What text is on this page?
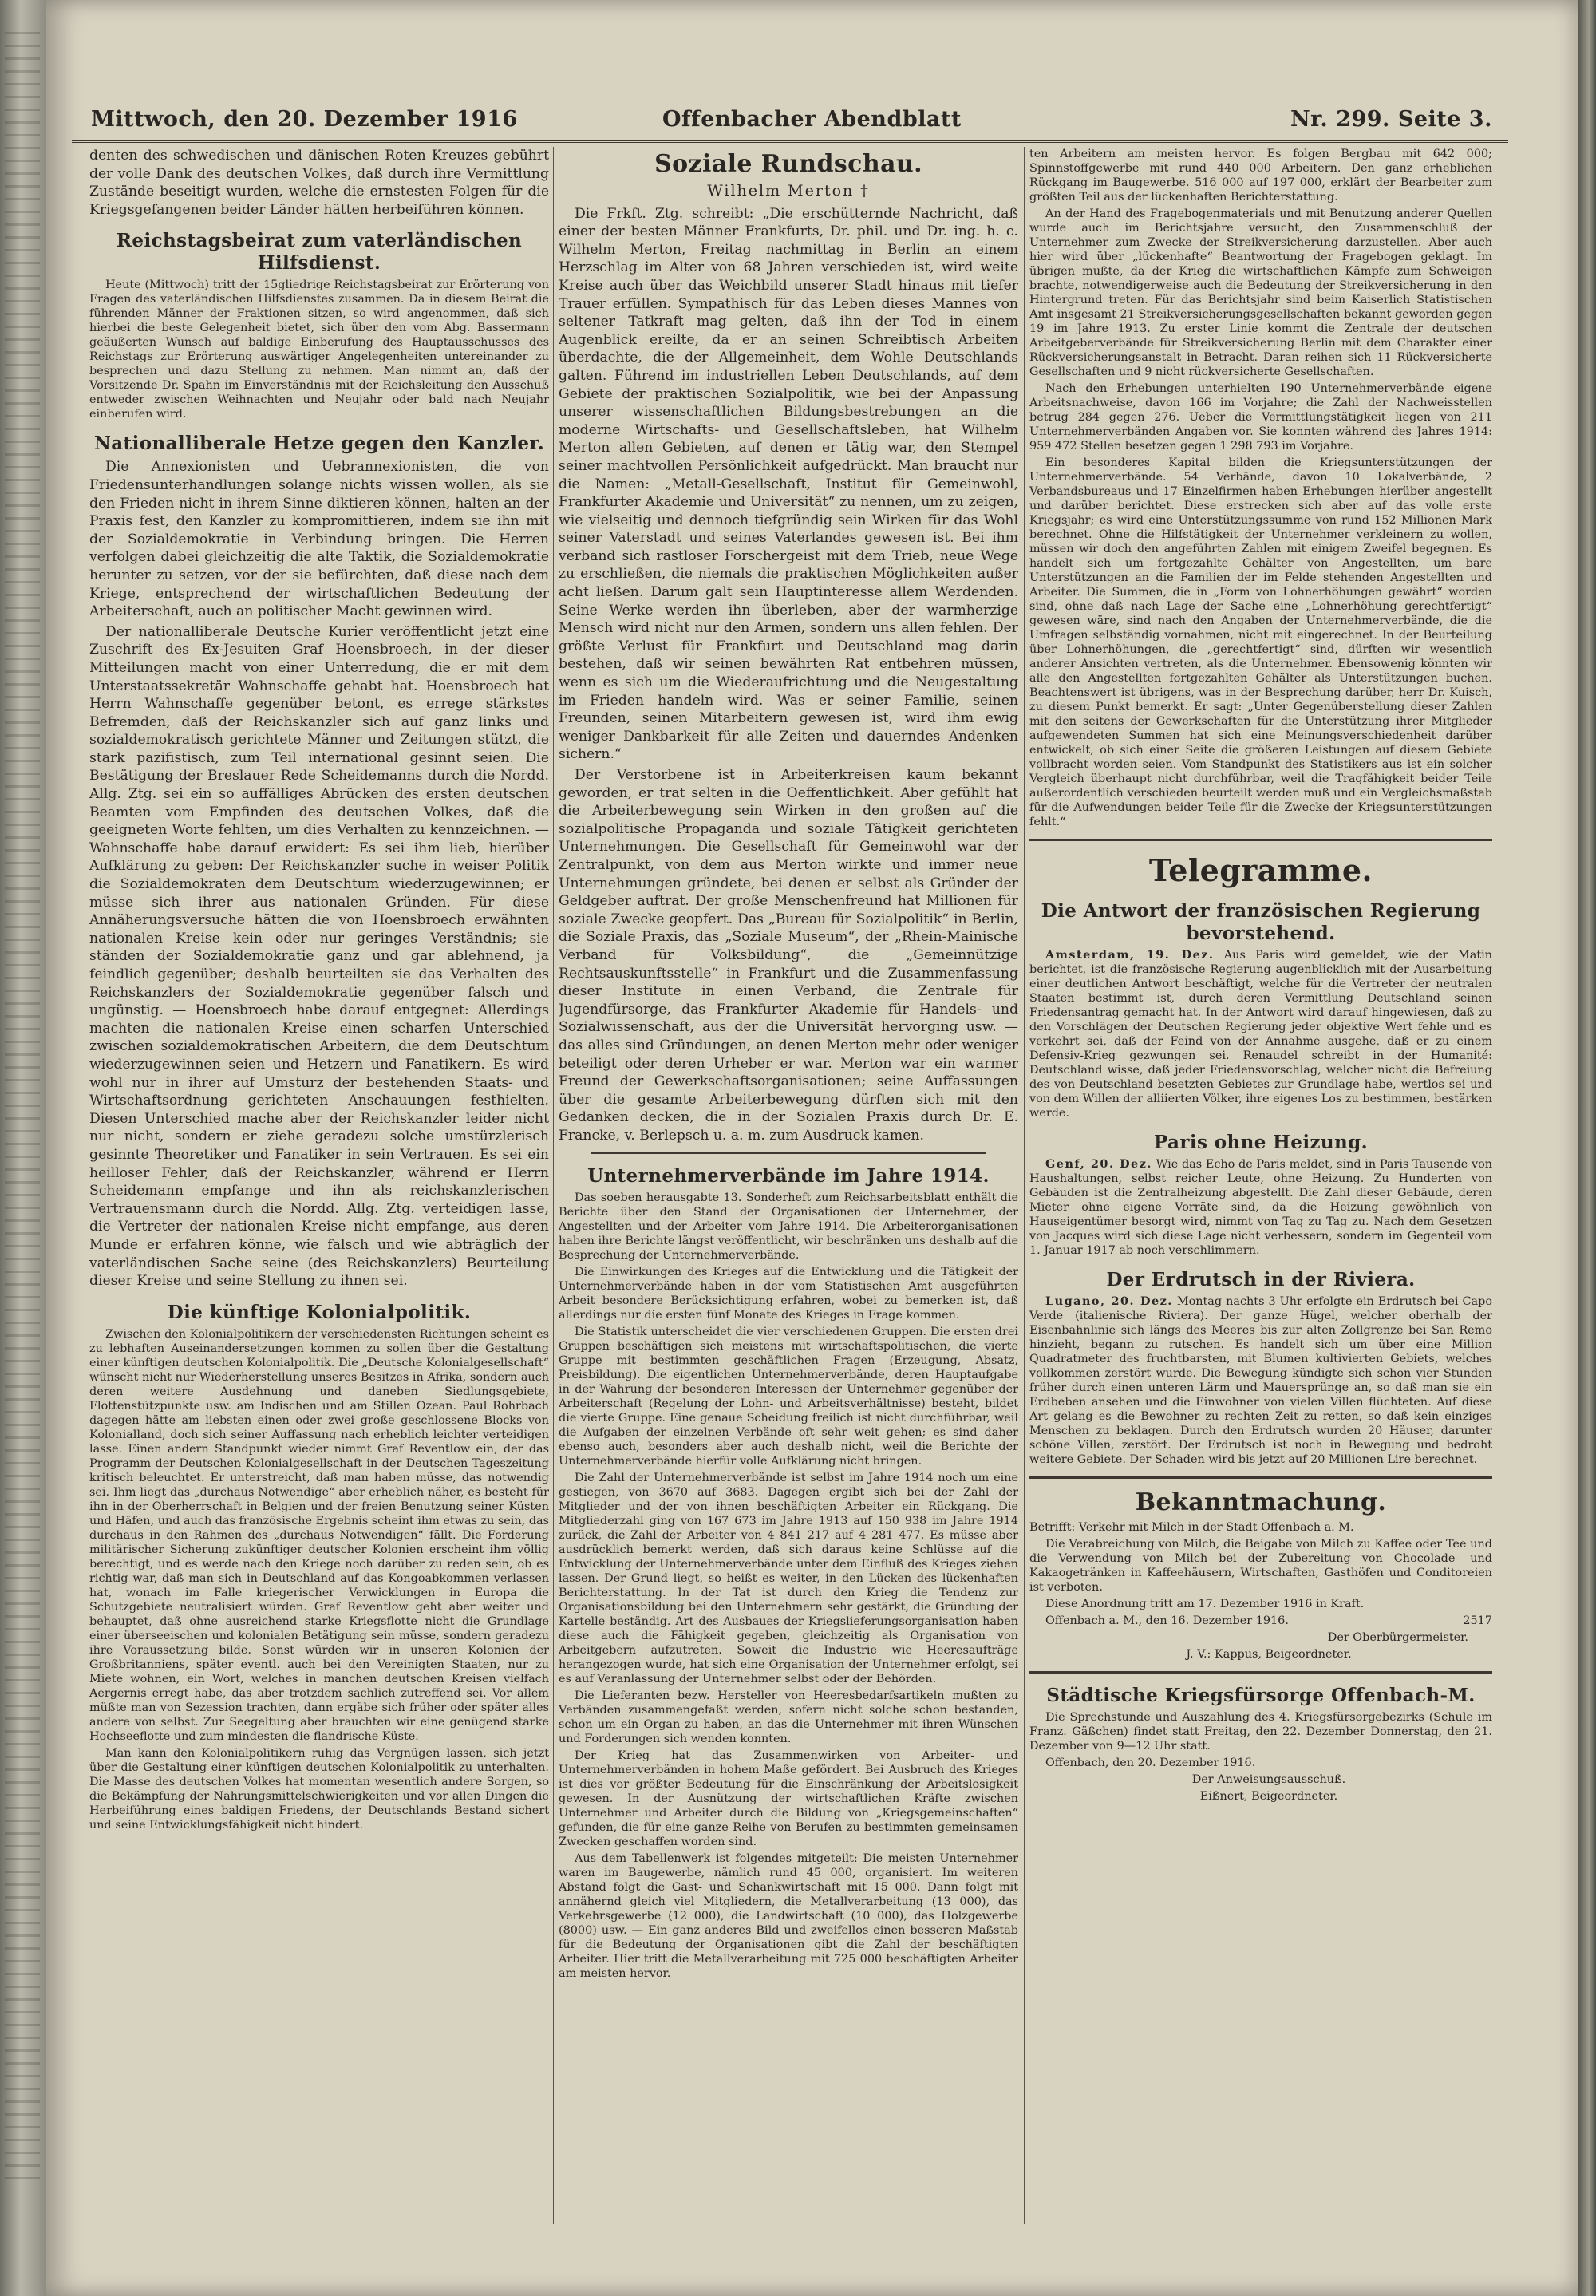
Mittwoch, den 20. Dezember 1916	Offenbacher Abendblatt	Nr. 299. Seite 3.

denten des schwedischen und dänischen Roten Kreuzes gebührt der volle Dank des deutschen Volkes, daß durch ihre Vermittlung Zustände beseitigt wurden, welche die ernstesten Folgen für die Kriegsgefangenen beider Länder hätten herbeiführen können.

Reichstagsbeirat zum vaterländischen Hilfsdienst.

Heute (Mittwoch) tritt der 15gliedrige Reichstagsbeirat zur Erörterung von Fragen des vaterländischen Hilfsdienstes zusammen. Da in diesem Beirat die führenden Männer der Fraktionen sitzen, so wird angenommen, daß sich hierbei die beste Gelegenheit bietet, sich über den vom Abg. Bassermann geäußerten Wunsch auf baldige Einberufung des Hauptausschusses des Reichstags zur Erörterung auswärtiger Angelegenheiten untereinander zu besprechen und dazu Stellung zu nehmen. Man nimmt an, daß der Vorsitzende Dr. Spahn im Einverständnis mit der Reichsleitung den Ausschuß entweder zwischen Weihnachten und Neujahr oder bald nach Neujahr einberufen wird.

Nationalliberale Hetze gegen den Kanzler.

Die Annexionisten und Uebrannexionisten, die von Friedensunterhandlungen solange nichts wissen wollen, als sie den Frieden nicht in ihrem Sinne diktieren können, halten an der Praxis fest, den Kanzler zu kompromittieren, indem sie ihn mit der Sozialdemokratie in Verbindung bringen. Die Herren verfolgen dabei gleichzeitig die alte Taktik, die Sozialdemokratie herunter zu setzen, vor der sie befürchten, daß diese nach dem Kriege, entsprechend der wirtschaftlichen Bedeutung der Arbeiterschaft, auch an politischer Macht gewinnen wird.

Der nationalliberale Deutsche Kurier veröffentlicht jetzt eine Zuschrift des Ex-Jesuiten Graf Hoensbroech, in der dieser Mitteilungen macht von einer Unterredung, die er mit dem Unterstaatssekretär Wahnschaffe gehabt hat. Hoensbroech hat Herrn Wahnschaffe gegenüber betont, es errege stärkstes Befremden, daß der Reichskanzler sich auf ganz links und sozialdemokratisch gerichtete Männer und Zeitungen stützt, die stark pazifistisch, zum Teil international gesinnt seien. Die Bestätigung der Breslauer Rede Scheidemanns durch die Nordd. Allg. Ztg. sei ein so auffälliges Abrücken des ersten deutschen Beamten vom Empfinden des deutschen Volkes, daß die geeigneten Worte fehlten, um dies Verhalten zu kennzeichnen. — Wahnschaffe habe darauf erwidert: Es sei ihm lieb, hierüber Aufklärung zu geben: Der Reichskanzler suche in weiser Politik die Sozialdemokraten dem Deutschtum wiederzugewinnen; er müsse sich ihrer aus nationalen Gründen. Für diese Annäherungsversuche hätten die von Hoensbroech erwähnten nationalen Kreise kein oder nur geringes Verständnis; sie ständen der Sozialdemokratie ganz und gar ablehnend, ja feindlich gegenüber; deshalb beurteilten sie das Verhalten des Reichskanzlers der Sozialdemokratie gegenüber falsch und ungünstig. — Hoensbroech habe darauf entgegnet: Allerdings machten die nationalen Kreise einen scharfen Unterschied zwischen sozialdemokratischen Arbeitern, die dem Deutschtum wiederzugewinnen seien und Hetzern und Fanatikern. Es wird wohl nur in ihrer auf Umsturz der bestehenden Staats- und Wirtschaftsordnung gerichteten Anschauungen festhielten. Diesen Unterschied mache aber der Reichskanzler leider nicht nur nicht, sondern er ziehe geradezu solche umstürzlerisch gesinnte Theoretiker und Fanatiker in sein Vertrauen. Es sei ein heilloser Fehler, daß der Reichskanzler, während er Herrn Scheidemann empfange und ihn als reichskanzlerischen Vertrauensmann durch die Nordd. Allg. Ztg. verteidigen lasse, die Vertreter der nationalen Kreise nicht empfange, aus deren Munde er erfahren könne, wie falsch und wie abträglich der vaterländischen Sache seine (des Reichskanzlers) Beurteilung dieser Kreise und seine Stellung zu ihnen sei.

Die künftige Kolonialpolitik.

Zwischen den Kolonialpolitikern der verschiedensten Richtungen scheint es zu lebhaften Auseinandersetzungen kommen zu sollen über die Gestaltung einer künftigen deutschen Kolonialpolitik. Die „Deutsche Kolonialgesellschaft“ wünscht nicht nur Wiederherstellung unseres Besitzes in Afrika, sondern auch deren weitere Ausdehnung und daneben Siedlungsgebiete, Flottenstützpunkte usw. am Indischen und am Stillen Ozean. Paul Rohrbach dagegen hätte am liebsten einen oder zwei große geschlossene Blocks von Kolonialland, doch sich seiner Auffassung nach erheblich leichter verteidigen lasse. Einen andern Standpunkt wieder nimmt Graf Reventlow ein, der das Programm der Deutschen Kolonialgesellschaft in der Deutschen Tageszeitung kritisch beleuchtet. Er unterstreicht, daß man haben müsse, das notwendig sei. Ihm liegt das „durchaus Notwendige“ aber erheblich näher, es besteht für ihn in der Oberherrschaft in Belgien und der freien Benutzung seiner Küsten und Häfen, und auch das französische Ergebnis scheint ihm etwas zu sein, das durchaus in den Rahmen des „durchaus Notwendigen“ fällt. Die Forderung militärischer Sicherung zukünftiger deutscher Kolonien erscheint ihm völlig berechtigt, und es werde nach den Kriege noch darüber zu reden sein, ob es richtig war, daß man sich in Deutschland auf das Kongoabkommen verlassen hat, wonach im Falle kriegerischer Verwicklungen in Europa die Schutzgebiete neutralisiert würden. Graf Reventlow geht aber weiter und behauptet, daß ohne ausreichend starke Kriegsflotte nicht die Grundlage einer überseeischen und kolonialen Betätigung sein müsse, sondern geradezu ihre Voraussetzung bilde. Sonst würden wir in unseren Kolonien der Großbritanniens, später eventl. auch bei den Vereinigten Staaten, nur zu Miete wohnen, ein Wort, welches in manchen deutschen Kreisen vielfach Aergernis erregt habe, das aber trotzdem sachlich zutreffend sei. Vor allem müßte man von Sezession trachten, dann ergäbe sich früher oder später alles andere von selbst. Zur Seegeltung aber brauchten wir eine genügend starke Hochseeflotte und zum mindesten die flandrische Küste.

Man kann den Kolonialpolitikern ruhig das Vergnügen lassen, sich jetzt über die Gestaltung einer künftigen deutschen Kolonialpolitik zu unterhalten. Die Masse des deutschen Volkes hat momentan wesentlich andere Sorgen, so die Bekämpfung der Nahrungsmittelschwierigkeiten und vor allen Dingen die Herbeiführung eines baldigen Friedens, der Deutschlands Bestand sichert und seine Entwicklungsfähigkeit nicht hindert.

Soziale Rundschau.
Wilhelm Merton †

Die Frkft. Ztg. schreibt: „Die erschütternde Nachricht, daß einer der besten Männer Frankfurts, Dr. phil. und Dr. ing. h. c. Wilhelm Merton, Freitag nachmittag in Berlin an einem Herzschlag im Alter von 68 Jahren verschieden ist, wird weite Kreise auch über das Weichbild unserer Stadt hinaus mit tiefer Trauer erfüllen. Sympathisch für das Leben dieses Mannes von seltener Tatkraft mag gelten, daß ihn der Tod in einem Augenblick ereilte, da er an seinen Schreibtisch Arbeiten überdachte, die der Allgemeinheit, dem Wohle Deutschlands galten. Führend im industriellen Leben Deutschlands, auf dem Gebiete der praktischen Sozialpolitik, wie bei der Anpassung unserer wissenschaftlichen Bildungsbestrebungen an die moderne Wirtschafts- und Gesellschaftsleben, hat Wilhelm Merton allen Gebieten, auf denen er tätig war, den Stempel seiner machtvollen Persönlichkeit aufgedrückt. Man braucht nur die Namen: „Metall-Gesellschaft, Institut für Gemeinwohl, Frankfurter Akademie und Universität“ zu nennen, um zu zeigen, wie vielseitig und dennoch tiefgründig sein Wirken für das Wohl seiner Vaterstadt und seines Vaterlandes gewesen ist. Bei ihm verband sich rastloser Forschergeist mit dem Trieb, neue Wege zu erschließen, die niemals die praktischen Möglichkeiten außer acht ließen. Darum galt sein Hauptinteresse allem Werdenden. Seine Werke werden ihn überleben, aber der warmherzige Mensch wird nicht nur den Armen, sondern uns allen fehlen. Der größte Verlust für Frankfurt und Deutschland mag darin bestehen, daß wir seinen bewährten Rat entbehren müssen, wenn es sich um die Wiederaufrichtung und die Neugestaltung im Frieden handeln wird. Was er seiner Familie, seinen Freunden, seinen Mitarbeitern gewesen ist, wird ihm ewig weniger Dankbarkeit für alle Zeiten und dauerndes Andenken sichern.“

Der Verstorbene ist in Arbeiterkreisen kaum bekannt geworden, er trat selten in die Oeffentlichkeit. Aber gefühlt hat die Arbeiterbewegung sein Wirken in den großen auf die sozialpolitische Propaganda und soziale Tätigkeit gerichteten Unternehmungen. Die Gesellschaft für Gemeinwohl war der Zentralpunkt, von dem aus Merton wirkte und immer neue Unternehmungen gründete, bei denen er selbst als Gründer der Geldgeber auftrat. Der große Menschenfreund hat Millionen für soziale Zwecke geopfert. Das „Bureau für Sozialpolitik“ in Berlin, die Soziale Praxis, das „Soziale Museum“, der „Rhein-Mainische Verband für Volksbildung“, die „Gemeinnützige Rechtsauskunftsstelle“ in Frankfurt und die Zusammenfassung dieser Institute in einen Verband, die Zentrale für Jugendfürsorge, das Frankfurter Akademie für Handels- und Sozialwissenschaft, aus der die Universität hervorging usw. — das alles sind Gründungen, an denen Merton mehr oder weniger beteiligt oder deren Urheber er war. Merton war ein warmer Freund der Gewerkschaftsorganisationen; seine Auffassungen über die gesamte Arbeiterbewegung dürften sich mit den Gedanken decken, die in der Sozialen Praxis durch Dr. E. Francke, v. Berlepsch u. a. m. zum Ausdruck kamen.

Unternehmerverbände im Jahre 1914.

Das soeben herausgabte 13. Sonderheft zum Reichsarbeitsblatt enthält die Berichte über den Stand der Organisationen der Unternehmer, der Angestellten und der Arbeiter vom Jahre 1914. Die Arbeiterorganisationen haben ihre Berichte längst veröffentlicht, wir beschränken uns deshalb auf die Besprechung der Unternehmerverbände.

Die Einwirkungen des Krieges auf die Entwicklung und die Tätigkeit der Unternehmerverbände haben in der vom Statistischen Amt ausgeführten Arbeit besondere Berücksichtigung erfahren, wobei zu bemerken ist, daß allerdings nur die ersten fünf Monate des Krieges in Frage kommen.

Die Statistik unterscheidet die vier verschiedenen Gruppen. Die ersten drei Gruppen beschäftigen sich meistens mit wirtschaftspolitischen, die vierte Gruppe mit bestimmten geschäftlichen Fragen (Erzeugung, Absatz, Preisbildung). Die eigentlichen Unternehmerverbände, deren Hauptaufgabe in der Wahrung der besonderen Interessen der Unternehmer gegenüber der Arbeiterschaft (Regelung der Lohn- und Arbeitsverhältnisse) besteht, bildet die vierte Gruppe. Eine genaue Scheidung freilich ist nicht durchführbar, weil die Aufgaben der einzelnen Verbände oft sehr weit gehen; es sind daher ebenso auch, besonders aber auch deshalb nicht, weil die Berichte der Unternehmerverbände hierfür volle Aufklärung nicht bringen.

Die Zahl der Unternehmerverbände ist selbst im Jahre 1914 noch um eine gestiegen, von 3670 auf 3683. Dagegen ergibt sich bei der Zahl der Mitglieder und der von ihnen beschäftigten Arbeiter ein Rückgang. Die Mitgliederzahl ging von 167 673 im Jahre 1913 auf 150 938 im Jahre 1914 zurück, die Zahl der Arbeiter von 4 841 217 auf 4 281 477. Es müsse aber ausdrücklich bemerkt werden, daß sich daraus keine Schlüsse auf die Entwicklung der Unternehmerverbände unter dem Einfluß des Krieges ziehen lassen. Der Grund liegt, so heißt es weiter, in den Lücken des lückenhaften Berichterstattung. In der Tat ist durch den Krieg die Tendenz zur Organisationsbildung bei den Unternehmern sehr gestärkt, die Gründung der Kartelle beständig. Art des Ausbaues der Kriegslieferungsorganisation haben diese auch die Fähigkeit gegeben, gleichzeitig als Organisation von Arbeitgebern aufzutreten. Soweit die Industrie wie Heeresaufträge herangezogen wurde, hat sich eine Organisation der Unternehmer erfolgt, sei es auf Veranlassung der Unternehmer selbst oder der Behörden.

Die Lieferanten bezw. Hersteller von Heeresbedarfsartikeln mußten zu Verbänden zusammengefaßt werden, sofern nicht solche schon bestanden, schon um ein Organ zu haben, an das die Unternehmer mit ihren Wünschen und Forderungen sich wenden konnten.

Der Krieg hat das Zusammenwirken von Arbeiter- und Unternehmerverbänden in hohem Maße gefördert. Bei Ausbruch des Krieges ist dies vor größter Bedeutung für die Einschränkung der Arbeitslosigkeit gewesen. In der Ausnützung der wirtschaftlichen Kräfte zwischen Unternehmer und Arbeiter durch die Bildung von „Kriegsgemeinschaften“ gefunden, die für eine ganze Reihe von Berufen zu bestimmten gemeinsamen Zwecken geschaffen worden sind.

Aus dem Tabellenwerk ist folgendes mitgeteilt: Die meisten Unternehmer waren im Baugewerbe, nämlich rund 45 000, organisiert. Im weiteren Abstand folgt die Gast- und Schankwirtschaft mit 15 000. Dann folgt mit annähernd gleich viel Mitgliedern, die Metallverarbeitung (13 000), das Verkehrsgewerbe (12 000), die Landwirtschaft (10 000), das Holzgewerbe (8000) usw. — Ein ganz anderes Bild und zweifellos einen besseren Maßstab für die Bedeutung der Organisationen gibt die Zahl der beschäftigten Arbeiter. Hier tritt die Metallverarbeitung mit 725 000 beschäftigten Arbeiter am meisten hervor.

ten Arbeitern am meisten hervor. Es folgen Bergbau mit 642 000; Spinnstoffgewerbe mit rund 440 000 Arbeitern. Den ganz erheblichen Rückgang im Baugewerbe. 516 000 auf 197 000, erklärt der Bearbeiter zum größten Teil aus der lückenhaften Berichterstattung.

An der Hand des Fragebogenmaterials und mit Benutzung anderer Quellen wurde auch im Berichtsjahre versucht, den Zusammenschluß der Unternehmer zum Zwecke der Streikversicherung darzustellen. Aber auch hier wird über „lückenhafte“ Beantwortung der Fragebogen geklagt. Im übrigen mußte, da der Krieg die wirtschaftlichen Kämpfe zum Schweigen brachte, notwendigerweise auch die Bedeutung der Streikversicherung in den Hintergrund treten. Für das Berichtsjahr sind beim Kaiserlich Statistischen Amt insgesamt 21 Streikversicherungsgesellschaften bekannt geworden gegen 19 im Jahre 1913. Zu erster Linie kommt die Zentrale der deutschen Arbeitgeberverbände für Streikversicherung Berlin mit dem Charakter einer Rückversicherungsanstalt in Betracht. Daran reihen sich 11 Rückversicherte Gesellschaften und 9 nicht rückversicherte Gesellschaften.

Nach den Erhebungen unterhielten 190 Unternehmerverbände eigene Arbeitsnachweise, davon 166 im Vorjahre; die Zahl der Nachweisstellen betrug 284 gegen 276. Ueber die Vermittlungstätigkeit liegen von 211 Unternehmerverbänden Angaben vor. Sie konnten während des Jahres 1914: 959 472 Stellen besetzen gegen 1 298 793 im Vorjahre.

Ein besonderes Kapital bilden die Kriegsunterstützungen der Unternehmerverbände. 54 Verbände, davon 10 Lokalverbände, 2 Verbandsbureaus und 17 Einzelfirmen haben Erhebungen hierüber angestellt und darüber berichtet. Diese erstrecken sich aber auf das volle erste Kriegsjahr; es wird eine Unterstützungssumme von rund 152 Millionen Mark berechnet. Ohne die Hilfstätigkeit der Unternehmer verkleinern zu wollen, müssen wir doch den angeführten Zahlen mit einigem Zweifel begegnen. Es handelt sich um fortgezahlte Gehälter von Angestellten, um bare Unterstützungen an die Familien der im Felde stehenden Angestellten und Arbeiter. Die Summen, die in „Form von Lohnerhöhungen gewährt“ worden sind, ohne daß nach Lage der Sache eine „Lohnerhöhung gerechtfertigt“ gewesen wäre, sind nach den Angaben der Unternehmerverbände, die die Umfragen selbständig vornahmen, nicht mit eingerechnet. In der Beurteilung über Lohnerhöhungen, die „gerechtfertigt“ sind, dürften wir wesentlich anderer Ansichten vertreten, als die Unternehmer. Ebensowenig könnten wir alle den Angestellten fortgezahlten Gehälter als Unterstützungen buchen. Beachtenswert ist übrigens, was in der Besprechung darüber, herr Dr. Kuisch, zu diesem Punkt bemerkt. Er sagt: „Unter Gegenüberstellung dieser Zahlen mit den seitens der Gewerkschaften für die Unterstützung ihrer Mitglieder aufgewendeten Summen hat sich eine Meinungsverschiedenheit darüber entwickelt, ob sich einer Seite die größeren Leistungen auf diesem Gebiete vollbracht worden seien. Vom Standpunkt des Statistikers aus ist ein solcher Vergleich überhaupt nicht durchführbar, weil die Tragfähigkeit beider Teile außerordentlich verschieden beurteilt werden muß und ein Vergleichsmaßstab für die Aufwendungen beider Teile für die Zwecke der Kriegsunterstützungen fehlt.“

Telegramme.
Die Antwort der französischen Regierung bevorstehend.

Amsterdam, 19. Dez. Aus Paris wird gemeldet, wie der Matin berichtet, ist die französische Regierung augenblicklich mit der Ausarbeitung einer deutlichen Antwort beschäftigt, welche für die Vertreter der neutralen Staaten bestimmt ist, durch deren Vermittlung Deutschland seinen Friedensantrag gemacht hat. In der Antwort wird darauf hingewiesen, daß zu den Vorschlägen der Deutschen Regierung jeder objektive Wert fehle und es verkehrt sei, daß der Feind von der Annahme ausgehe, daß er zu einem Defensiv-Krieg gezwungen sei. Renaudel schreibt in der Humanité: Deutschland wisse, daß jeder Friedensvorschlag, welcher nicht die Befreiung des von Deutschland besetzten Gebietes zur Grundlage habe, wertlos sei und von dem Willen der alliierten Völker, ihre eigenes Los zu bestimmen, bestärken werde.

Paris ohne Heizung.

Genf, 20. Dez. Wie das Echo de Paris meldet, sind in Paris Tausende von Haushaltungen, selbst reicher Leute, ohne Heizung. Zu Hunderten von Gebäuden ist die Zentralheizung abgestellt. Die Zahl dieser Gebäude, deren Mieter ohne eigene Vorräte sind, da die Heizung gewöhnlich von Hauseigentümer besorgt wird, nimmt von Tag zu Tag zu. Nach dem Gesetzen von Jacques wird sich diese Lage nicht verbessern, sondern im Gegenteil vom 1. Januar 1917 ab noch verschlimmern.

Der Erdrutsch in der Riviera.

Lugano, 20. Dez. Montag nachts 3 Uhr erfolgte ein Erdrutsch bei Capo Verde (italienische Riviera). Der ganze Hügel, welcher oberhalb der Eisenbahnlinie sich längs des Meeres bis zur alten Zollgrenze bei San Remo hinzieht, begann zu rutschen. Es handelt sich um über eine Million Quadratmeter des fruchtbarsten, mit Blumen kultivierten Gebiets, welches vollkommen zerstört wurde. Die Bewegung kündigte sich schon vier Stunden früher durch einen unteren Lärm und Mauersprünge an, so daß man sie ein Erdbeben ansehen und die Einwohner von vielen Villen flüchteten. Auf diese Art gelang es die Bewohner zu rechten Zeit zu retten, so daß kein einziges Menschen zu beklagen. Durch den Erdrutsch wurden 20 Häuser, darunter schöne Villen, zerstört. Der Erdrutsch ist noch in Bewegung und bedroht weitere Gebiete. Der Schaden wird bis jetzt auf 20 Millionen Lire berechnet.

Bekanntmachung.

Betrifft: Verkehr mit Milch in der Stadt Offenbach a. M.

Die Verabreichung von Milch, die Beigabe von Milch zu Kaffee oder Tee und die Verwendung von Milch bei der Zubereitung von Chocolade- und Kakaogetränken in Kaffeehäusern, Wirtschaften, Gasthöfen und Conditoreien ist verboten.

Diese Anordnung tritt am 17. Dezember 1916 in Kraft.

Offenbach a. M., den 16. Dezember 1916.	2517

Der Oberbürgermeister.

J. V.: Kappus, Beigeordneter.

Städtische Kriegsfürsorge Offenbach-M.

Die Sprechstunde und Auszahlung des 4. Kriegsfürsorgebezirks (Schule im Franz. Gäßchen) findet statt Freitag, den 22. Dezember Donnerstag, den 21. Dezember von 9—12 Uhr statt.

Offenbach, den 20. Dezember 1916.

Der Anweisungsausschuß.

Eißnert, Beigeordneter.
